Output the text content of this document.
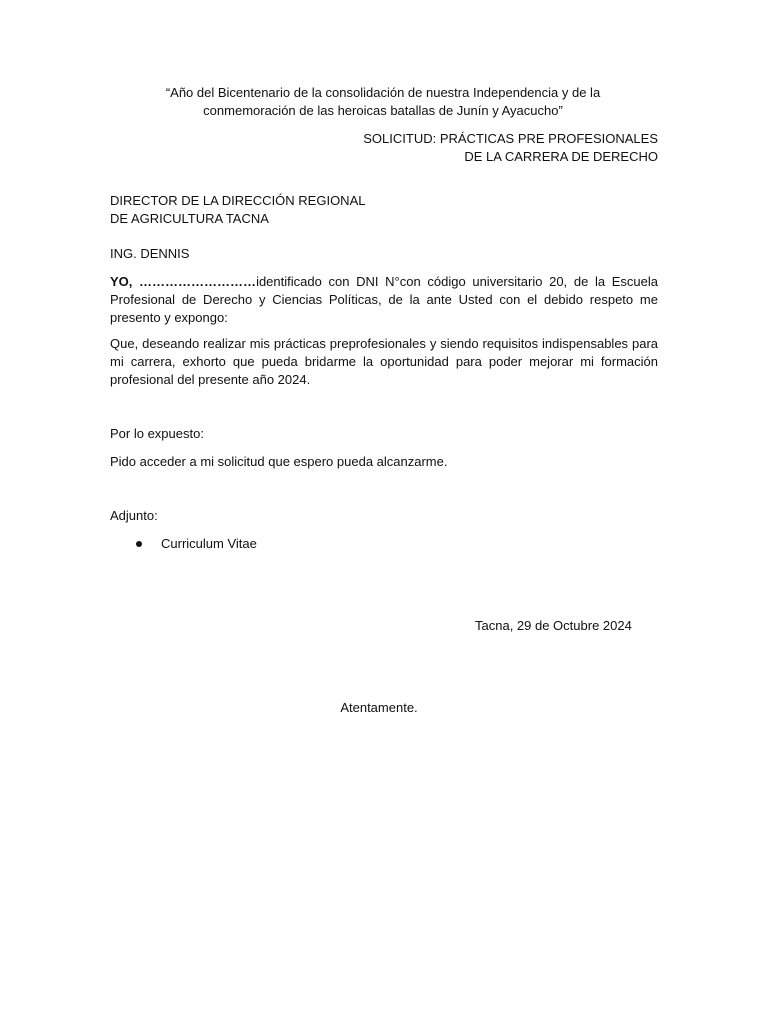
“Año del Bicentenario de la consolidación de nuestra Independencia y de la
conmemoración de las heroicas batallas de Junín y Ayacucho”
SOLICITUD: PRÁCTICAS PRE PROFESIONALES
DE LA CARRERA DE DERECHO
DIRECTOR DE LA DIRECCIÓN REGIONAL
DE AGRICULTURA TACNA
ING. DENNIS

YO, ………………………identificado con DNI N°con código universitario 20, de la Escuela Profesional de Derecho y Ciencias Políticas, de la ante Usted con el debido respeto me presento y expongo:

Que, deseando realizar mis prácticas preprofesionales y siendo requisitos indispensables para mi carrera, exhorto que pueda bridarme la oportunidad para poder mejorar mi formación profesional del presente año 2024.

Por lo expuesto:

Pido acceder a mi solicitud que espero pueda alcanzarme.

Adjunto:

Curriculum Vitae
Tacna, 29 de Octubre 2024
Atentamente.
